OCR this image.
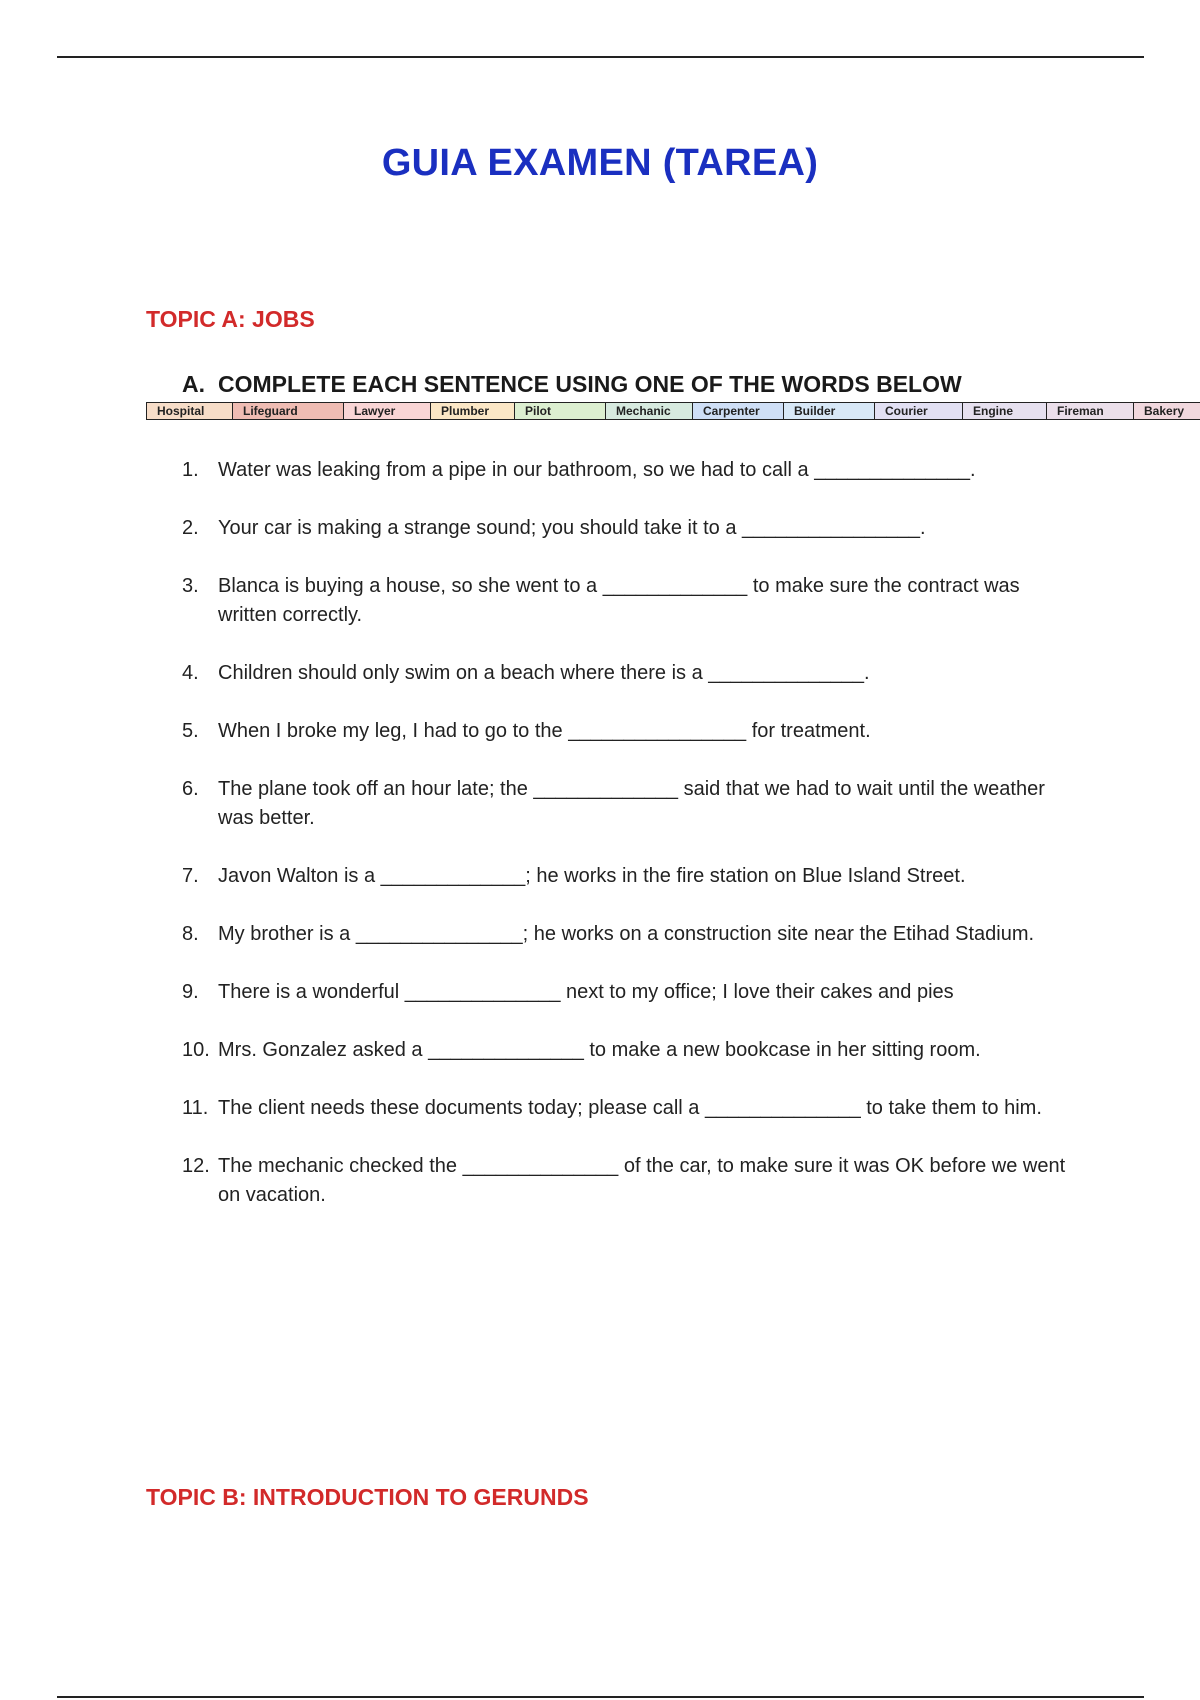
GUIA EXAMEN (TAREA)
TOPIC A: JOBS
A. COMPLETE EACH SENTENCE USING ONE OF THE WORDS BELOW
Hospital	Lifeguard	Lawyer	Plumber	Pilot	Mechanic	Carpenter	Builder	Courier	Engine	Fireman	Bakery
1. Water was leaking from a pipe in our bathroom, so we had to call a ______________.
2. Your car is making a strange sound; you should take it to a ________________.
3. Blanca is buying a house, so she went to a _____________ to make sure the contract was written correctly.
4. Children should only swim on a beach where there is a ______________.
5. When I broke my leg, I had to go to the ________________ for treatment.
6. The plane took off an hour late; the _____________ said that we had to wait until the weather was better.
7. Javon Walton is a _____________; he works in the fire station on Blue Island Street.
8. My brother is a _______________; he works on a construction site near the Etihad Stadium.
9. There is a wonderful ______________ next to my office; I love their cakes and pies
10. Mrs. Gonzalez asked a ______________ to make a new bookcase in her sitting room.
11. The client needs these documents today; please call a ______________ to take them to him.
12. The mechanic checked the ______________ of the car, to make sure it was OK before we went on vacation.
TOPIC B: INTRODUCTION TO GERUNDS
